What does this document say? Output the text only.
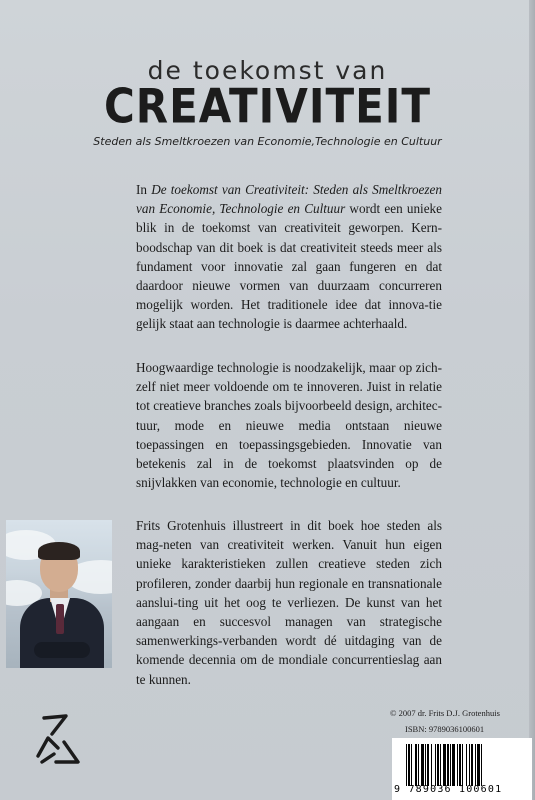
de toekomst van
CREATIVITEIT
Steden als Smeltkroezen van Economie,Technologie en Cultuur
In De toekomst van Creativiteit: Steden als Smeltkroezen van Economie, Technologie en Cultuur wordt een unieke blik in de toekomst van creativiteit geworpen. Kern-boodschap van dit boek is dat creativiteit steeds meer als fundament voor innovatie zal gaan fungeren en dat daardoor nieuwe vormen van duurzaam concurreren mogelijk worden. Het traditionele idee dat innova-tie gelijk staat aan technologie is daarmee achterhaald.
Hoogwaardige technologie is noodzakelijk, maar op zich-zelf niet meer voldoende om te innoveren. Juist in relatie tot creatieve branches zoals bijvoorbeeld design, architec-tuur, mode en nieuwe media ontstaan nieuwe toepassingen en toepassingsgebieden. Innovatie van betekenis zal in de toekomst plaatsvinden op de snijvlakken van economie, technologie en cultuur.
Frits Grotenhuis illustreert in dit boek hoe steden als mag-neten van creativiteit werken. Vanuit hun eigen unieke karakteristieken zullen creatieve steden zich profileren, zonder daarbij hun regionale en transnationale aanslui-ting uit het oog te verliezen. De kunst van het aangaan en succesvol managen van strategische samenwerkings-verbanden wordt dé uitdaging van de komende decennia om de mondiale concurrentieslag aan te kunnen.
© 2007 dr. Frits D.J. Grotenhuis
ISBN: 9789036100601
9 789036 100601
